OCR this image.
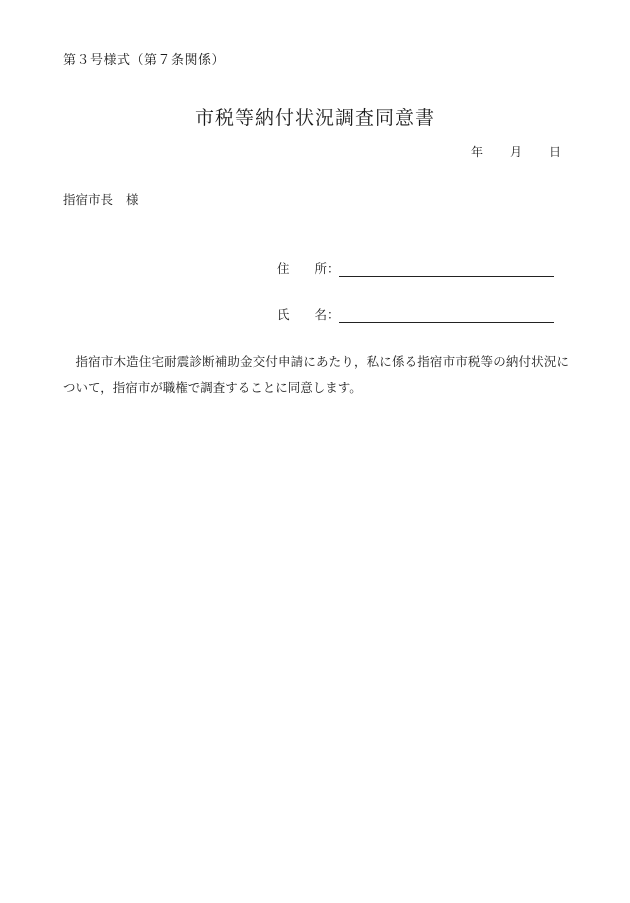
第３号様式（第７条関係）
市税等納付状況調査同意書
年	月	日
指宿市長 様
住 所 ：
氏 名 ：
指宿市木造住宅耐震診断補助金交付申請にあたり，私に係る指宿市市税等の納付状況について，指宿市が職権で調査することに同意します。
